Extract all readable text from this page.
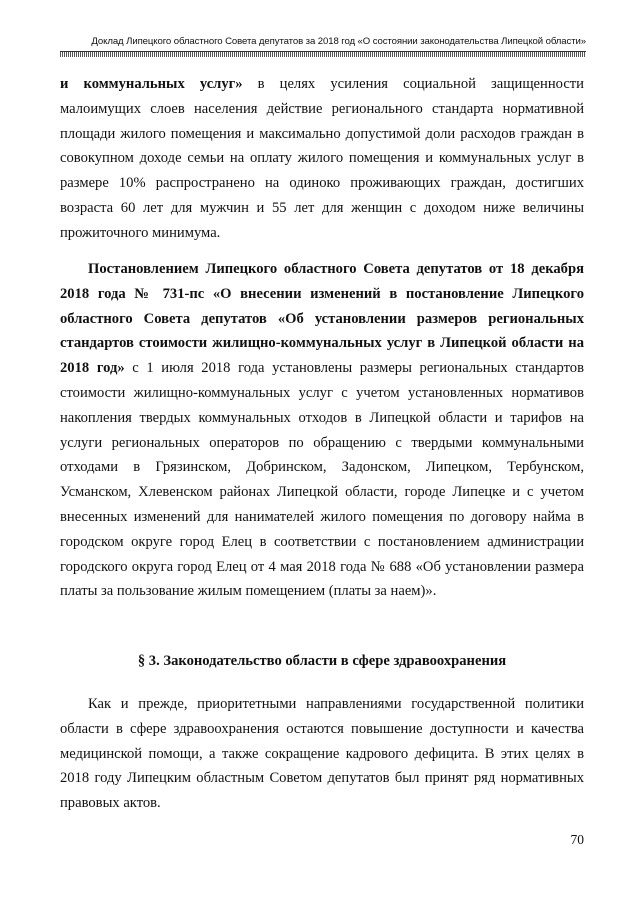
Доклад Липецкого областного Совета депутатов за 2018 год «О состоянии законодательства Липецкой области»

и коммунальных услуг» в целях усиления социальной защищенности малоимущих слоев населения действие регионального стандарта нормативной площади жилого помещения и максимально допустимой доли расходов граждан в совокупном доходе семьи на оплату жилого помещения и коммунальных услуг в размере 10% распространено на одиноко проживающих граждан, достигших возраста 60 лет для мужчин и 55 лет для женщин с доходом ниже величины прожиточного минимума.

Постановлением Липецкого областного Совета депутатов от 18 декабря 2018 года № 731-пс «О внесении изменений в постановление Липецкого областного Совета депутатов «Об установлении размеров региональных стандартов стоимости жилищно-коммунальных услуг в Липецкой области на 2018 год» с 1 июля 2018 года установлены размеры региональных стандартов стоимости жилищно-коммунальных услуг с учетом установленных нормативов накопления твердых коммунальных отходов в Липецкой области и тарифов на услуги региональных операторов по обращению с твердыми коммунальными отходами в Грязинском, Добринском, Задонском, Липецком, Тербунском, Усманском, Хлевенском районах Липецкой области, городе Липецке и с учетом внесенных изменений для нанимателей жилого помещения по договору найма в городском округе город Елец в соответствии с постановлением администрации городского округа город Елец от 4 мая 2018 года № 688 «Об установлении размера платы за пользование жилым помещением (платы за наем)».

§ 3. Законодательство области в сфере здравоохранения

Как и прежде, приоритетными направлениями государственной политики области в сфере здравоохранения остаются повышение доступности и качества медицинской помощи, а также сокращение кадрового дефицита. В этих целях в 2018 году Липецким областным Советом депутатов был принят ряд нормативных правовых актов.

70
